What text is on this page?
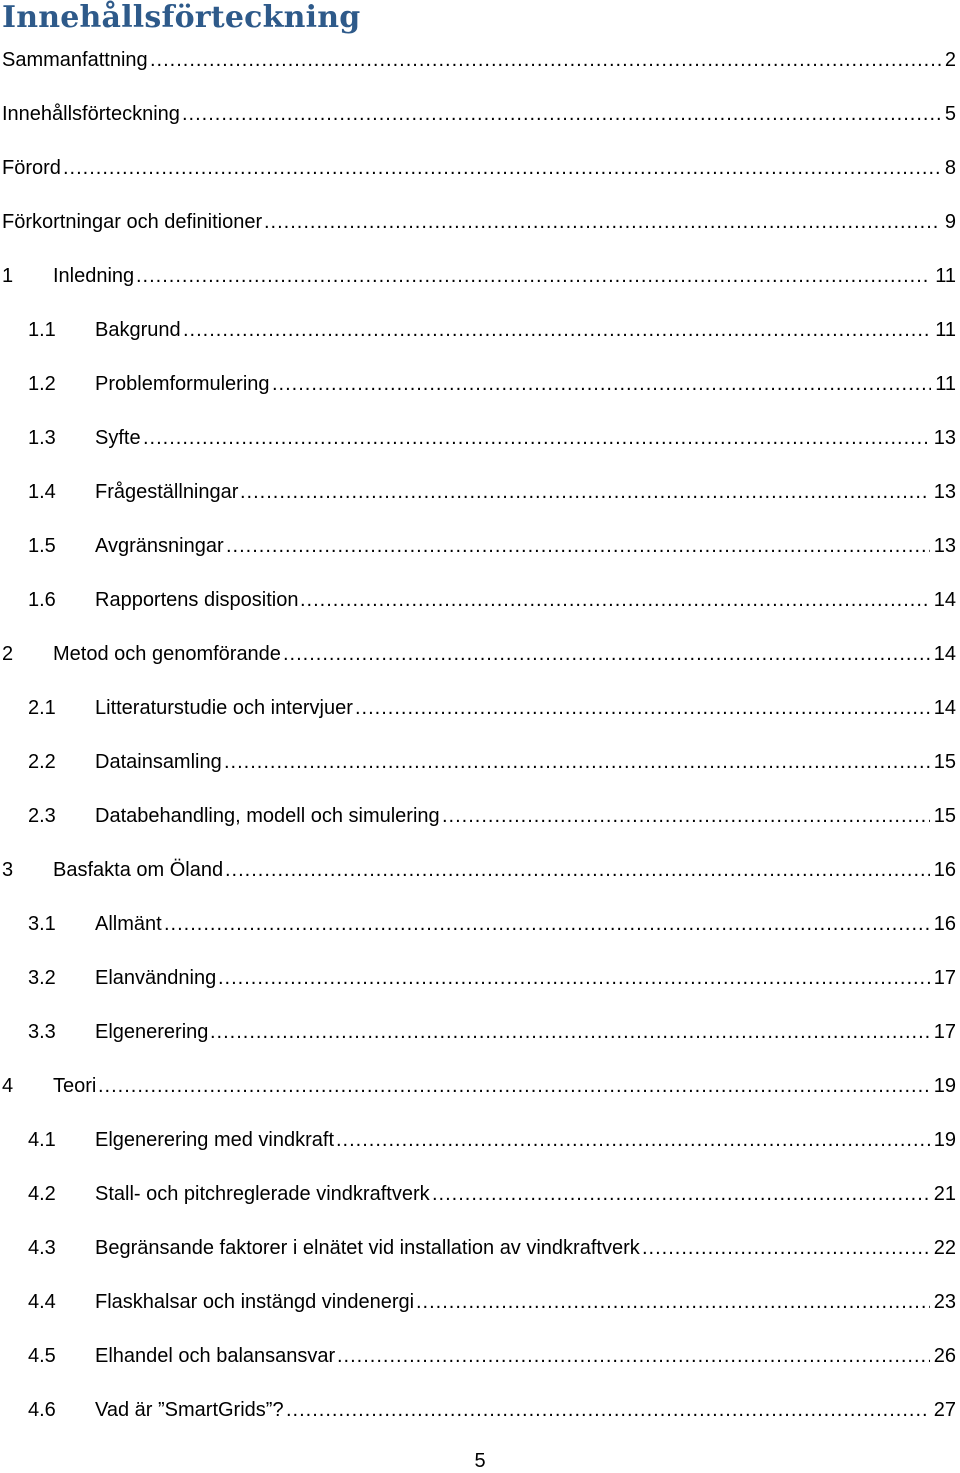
Innehållsförteckning
Sammanfattning .....	2
Innehållsförteckning .....	5
Förord .....	8
Förkortningar och definitioner .....	9
1 Inledning .....	11
1.1 Bakgrund .....	11
1.2 Problemformulering .....	11
1.3 Syfte .....	13
1.4 Frågeställningar .....	13
1.5 Avgränsningar .....	13
1.6 Rapportens disposition .....	14
2 Metod och genomförande .....	14
2.1 Litteraturstudie och intervjuer .....	14
2.2 Datainsamling .....	15
2.3 Databehandling, modell och simulering .....	15
3 Basfakta om Öland .....	16
3.1 Allmänt .....	16
3.2 Elanvändning .....	17
3.3 Elgenerering .....	17
4 Teori .....	19
4.1 Elgenerering med vindkraft .....	19
4.2 Stall- och pitchreglerade vindkraftverk .....	21
4.3 Begränsande faktorer i elnätet vid installation av vindkraftverk .....	22
4.4 Flaskhalsar och instängd vindenergi .....	23
4.5 Elhandel och balansansvar .....	26
4.6 Vad är ”SmartGrids”? .....	27
5
